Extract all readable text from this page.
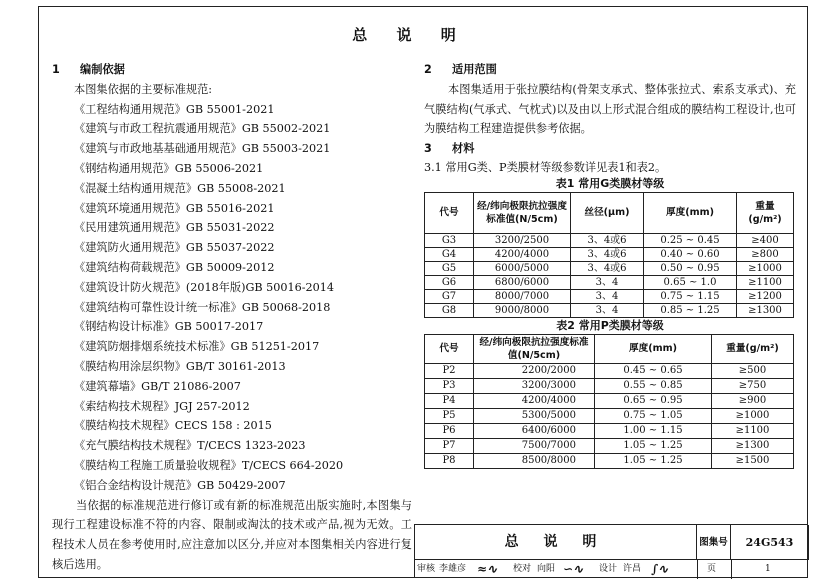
总 说 明
1 编制依据
本图集依据的主要标准规范:
《工程结构通用规范》GB 55001-2021
《建筑与市政工程抗震通用规范》GB 55002-2021
《建筑与市政地基基础通用规范》GB 55003-2021
《钢结构通用规范》GB 55006-2021
《混凝土结构通用规范》GB 55008-2021
《建筑环境通用规范》GB 55016-2021
《民用建筑通用规范》GB 55031-2022
《建筑防火通用规范》GB 55037-2022
《建筑结构荷载规范》GB 50009-2012
《建筑设计防火规范》(2018年版)GB 50016-2014
《建筑结构可靠性设计统一标准》GB 50068-2018
《钢结构设计标准》GB 50017-2017
《建筑防烟排烟系统技术标准》GB 51251-2017
《膜结构用涂层织物》GB/T 30161-2013
《建筑幕墙》GB/T 21086-2007
《索结构技术规程》JGJ 257-2012
《膜结构技术规程》CECS 158 : 2015
《充气膜结构技术规程》T/CECS 1323-2023
《膜结构工程施工质量验收规程》T/CECS 664-2020
《铝合金结构设计规范》GB 50429-2007
当依据的标准规范进行修订或有新的标准规范出版实施时,本图集与现行工程建设标准不符的内容、限制或淘汰的技术或产品,视为无效。工程技术人员在参考使用时,应注意加以区分,并应对本图集相关内容进行复核后选用。
2 适用范围
本图集适用于张拉膜结构(骨架支承式、整体张拉式、索系支承式)、充气膜结构(气承式、气枕式)以及由以上形式混合组成的膜结构工程设计,也可为膜结构工程建造提供参考依据。
3 材料
3.1 常用G类、P类膜材等级参数详见表1和表2。
表1 常用G类膜材等级
代号	经/纬向极限抗拉强度标准值(N/5cm)	丝径(μm)	厚度(mm)	重量(g/m²)
G3	3200/2500	3、4或6	0.25 ~ 0.45	≥400
G4	4200/4000	3、4或6	0.40 ~ 0.60	≥800
G5	6000/5000	3、4或6	0.50 ~ 0.95	≥1000
G6	6800/6000	3、4	0.65 ~ 1.0	≥1100
G7	8000/7000	3、4	0.75 ~ 1.15	≥1200
G8	9000/8000	3、4	0.85 ~ 1.25	≥1300
表2 常用P类膜材等级
代号	经/纬向极限抗拉强度标准值(N/5cm)	厚度(mm)	重量(g/m²)
P2	2200/2000	0.45 ~ 0.65	≥500
P3	3200/3000	0.55 ~ 0.85	≥750
P4	4200/4000	0.65 ~ 0.95	≥900
P5	5300/5000	0.75 ~ 1.05	≥1000
P6	6400/6000	1.00 ~ 1.15	≥1100
P7	7500/7000	1.05 ~ 1.25	≥1300
P8	8500/8000	1.05 ~ 1.25	≥1500
总 说 明	图集号	24G543
审核 李雄彦 ≈∿ 校对 向阳 ∽∿ 设计 许昌 ∫∿	页	1
